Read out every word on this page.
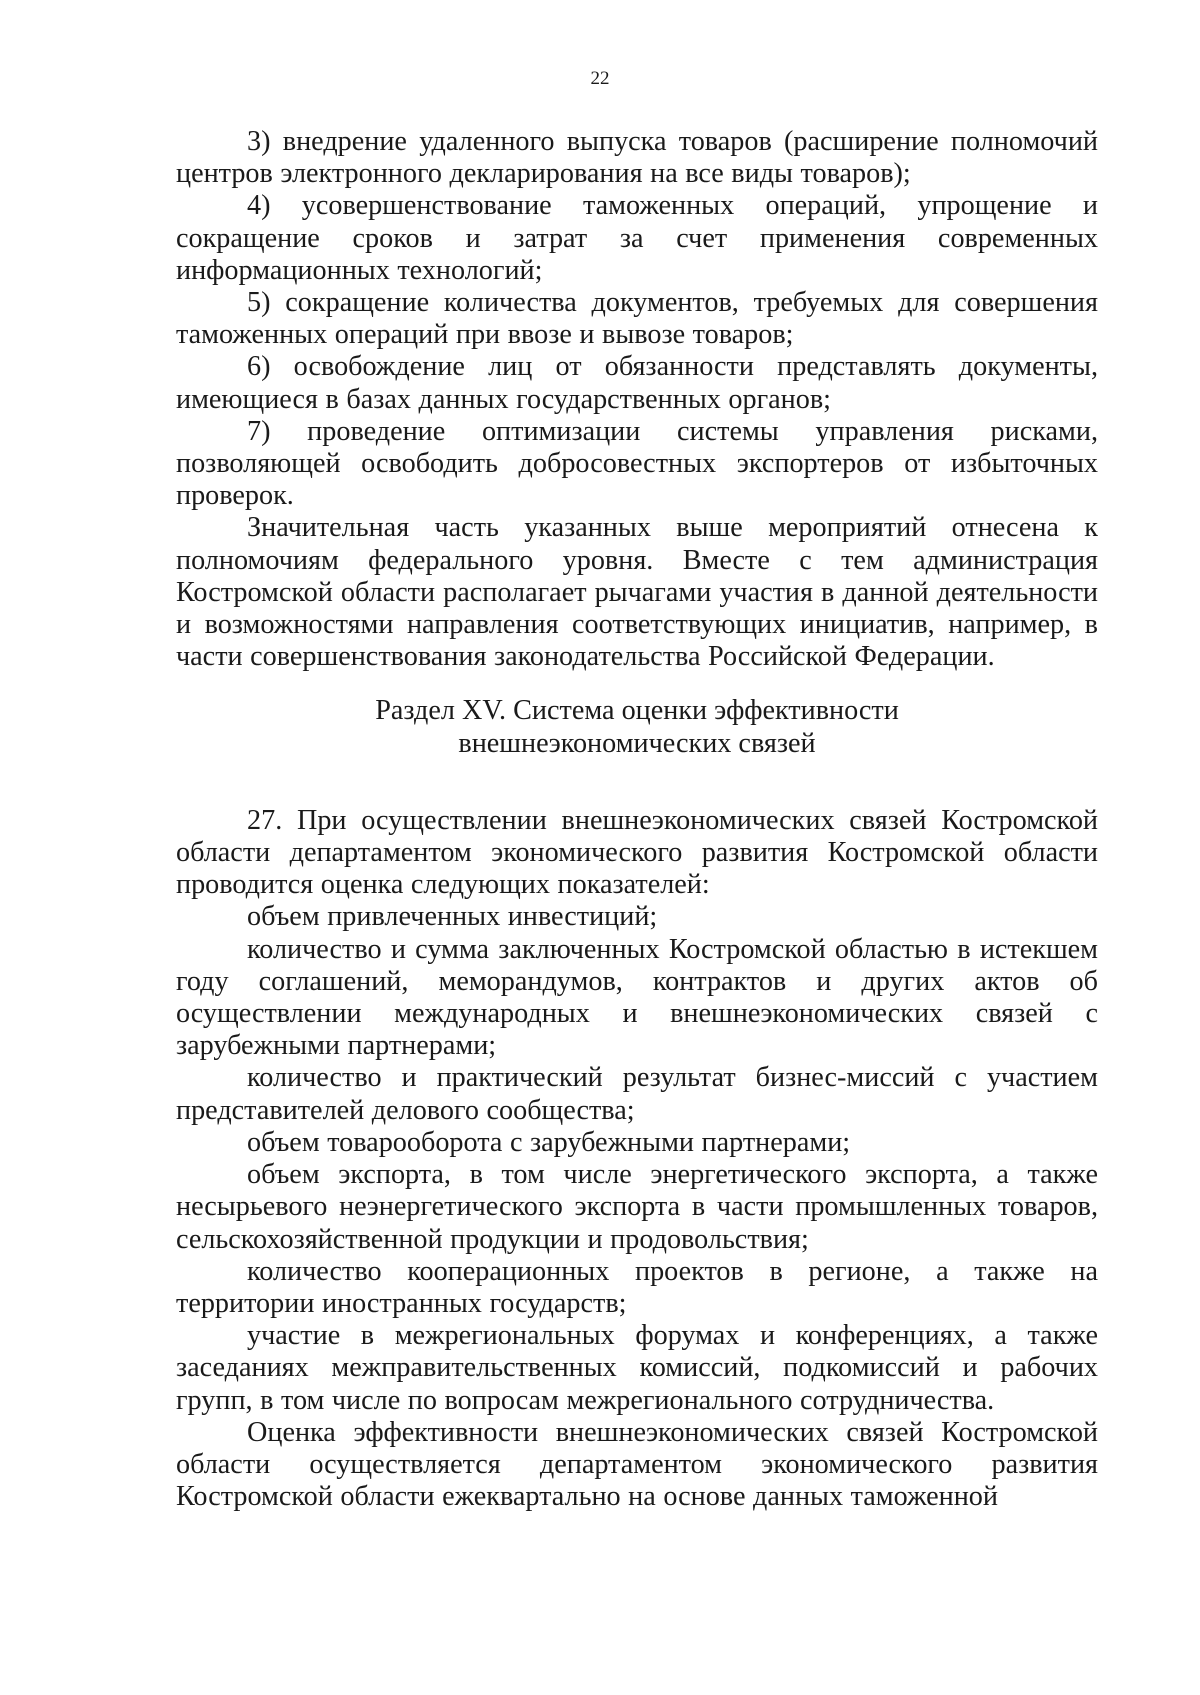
22

3) внедрение удаленного выпуска товаров (расширение полномочий центров электронного декларирования на все виды товаров);

4) усовершенствование таможенных операций, упрощение и сокращение сроков и затрат за счет применения современных информационных технологий;

5) сокращение количества документов, требуемых для совершения таможенных операций при ввозе и вывозе товаров;

6) освобождение лиц от обязанности представлять документы, имеющиеся в базах данных государственных органов;

7) проведение оптимизации системы управления рисками, позволяющей освободить добросовестных экспортеров от избыточных проверок.

Значительная часть указанных выше мероприятий отнесена к полномочиям федерального уровня. Вместе с тем администрация Костромской области располагает рычагами участия в данной деятельности и возможностями направления соответствующих инициатив, например, в части совершенствования законодательства Российской Федерации.

Раздел XV. Система оценки эффективности
внешнеэкономических связей

27. При осуществлении внешнеэкономических связей Костромской области департаментом экономического развития Костромской области проводится оценка следующих показателей:

объем привлеченных инвестиций;

количество и сумма заключенных Костромской областью в истекшем году соглашений, меморандумов, контрактов и других актов об осуществлении международных и внешнеэкономических связей с зарубежными партнерами;

количество и практический результат бизнес-миссий с участием представителей делового сообщества;

объем товарооборота с зарубежными партнерами;

объем экспорта, в том числе энергетического экспорта, а также несырьевого неэнергетического экспорта в части промышленных товаров, сельскохозяйственной продукции и продовольствия;

количество кооперационных проектов в регионе, а также на территории иностранных государств;

участие в межрегиональных форумах и конференциях, а также заседаниях межправительственных комиссий, подкомиссий и рабочих групп, в том числе по вопросам межрегионального сотрудничества.

Оценка эффективности внешнеэкономических связей Костромской области осуществляется департаментом экономического развития Костромской области ежеквартально на основе данных таможенной
